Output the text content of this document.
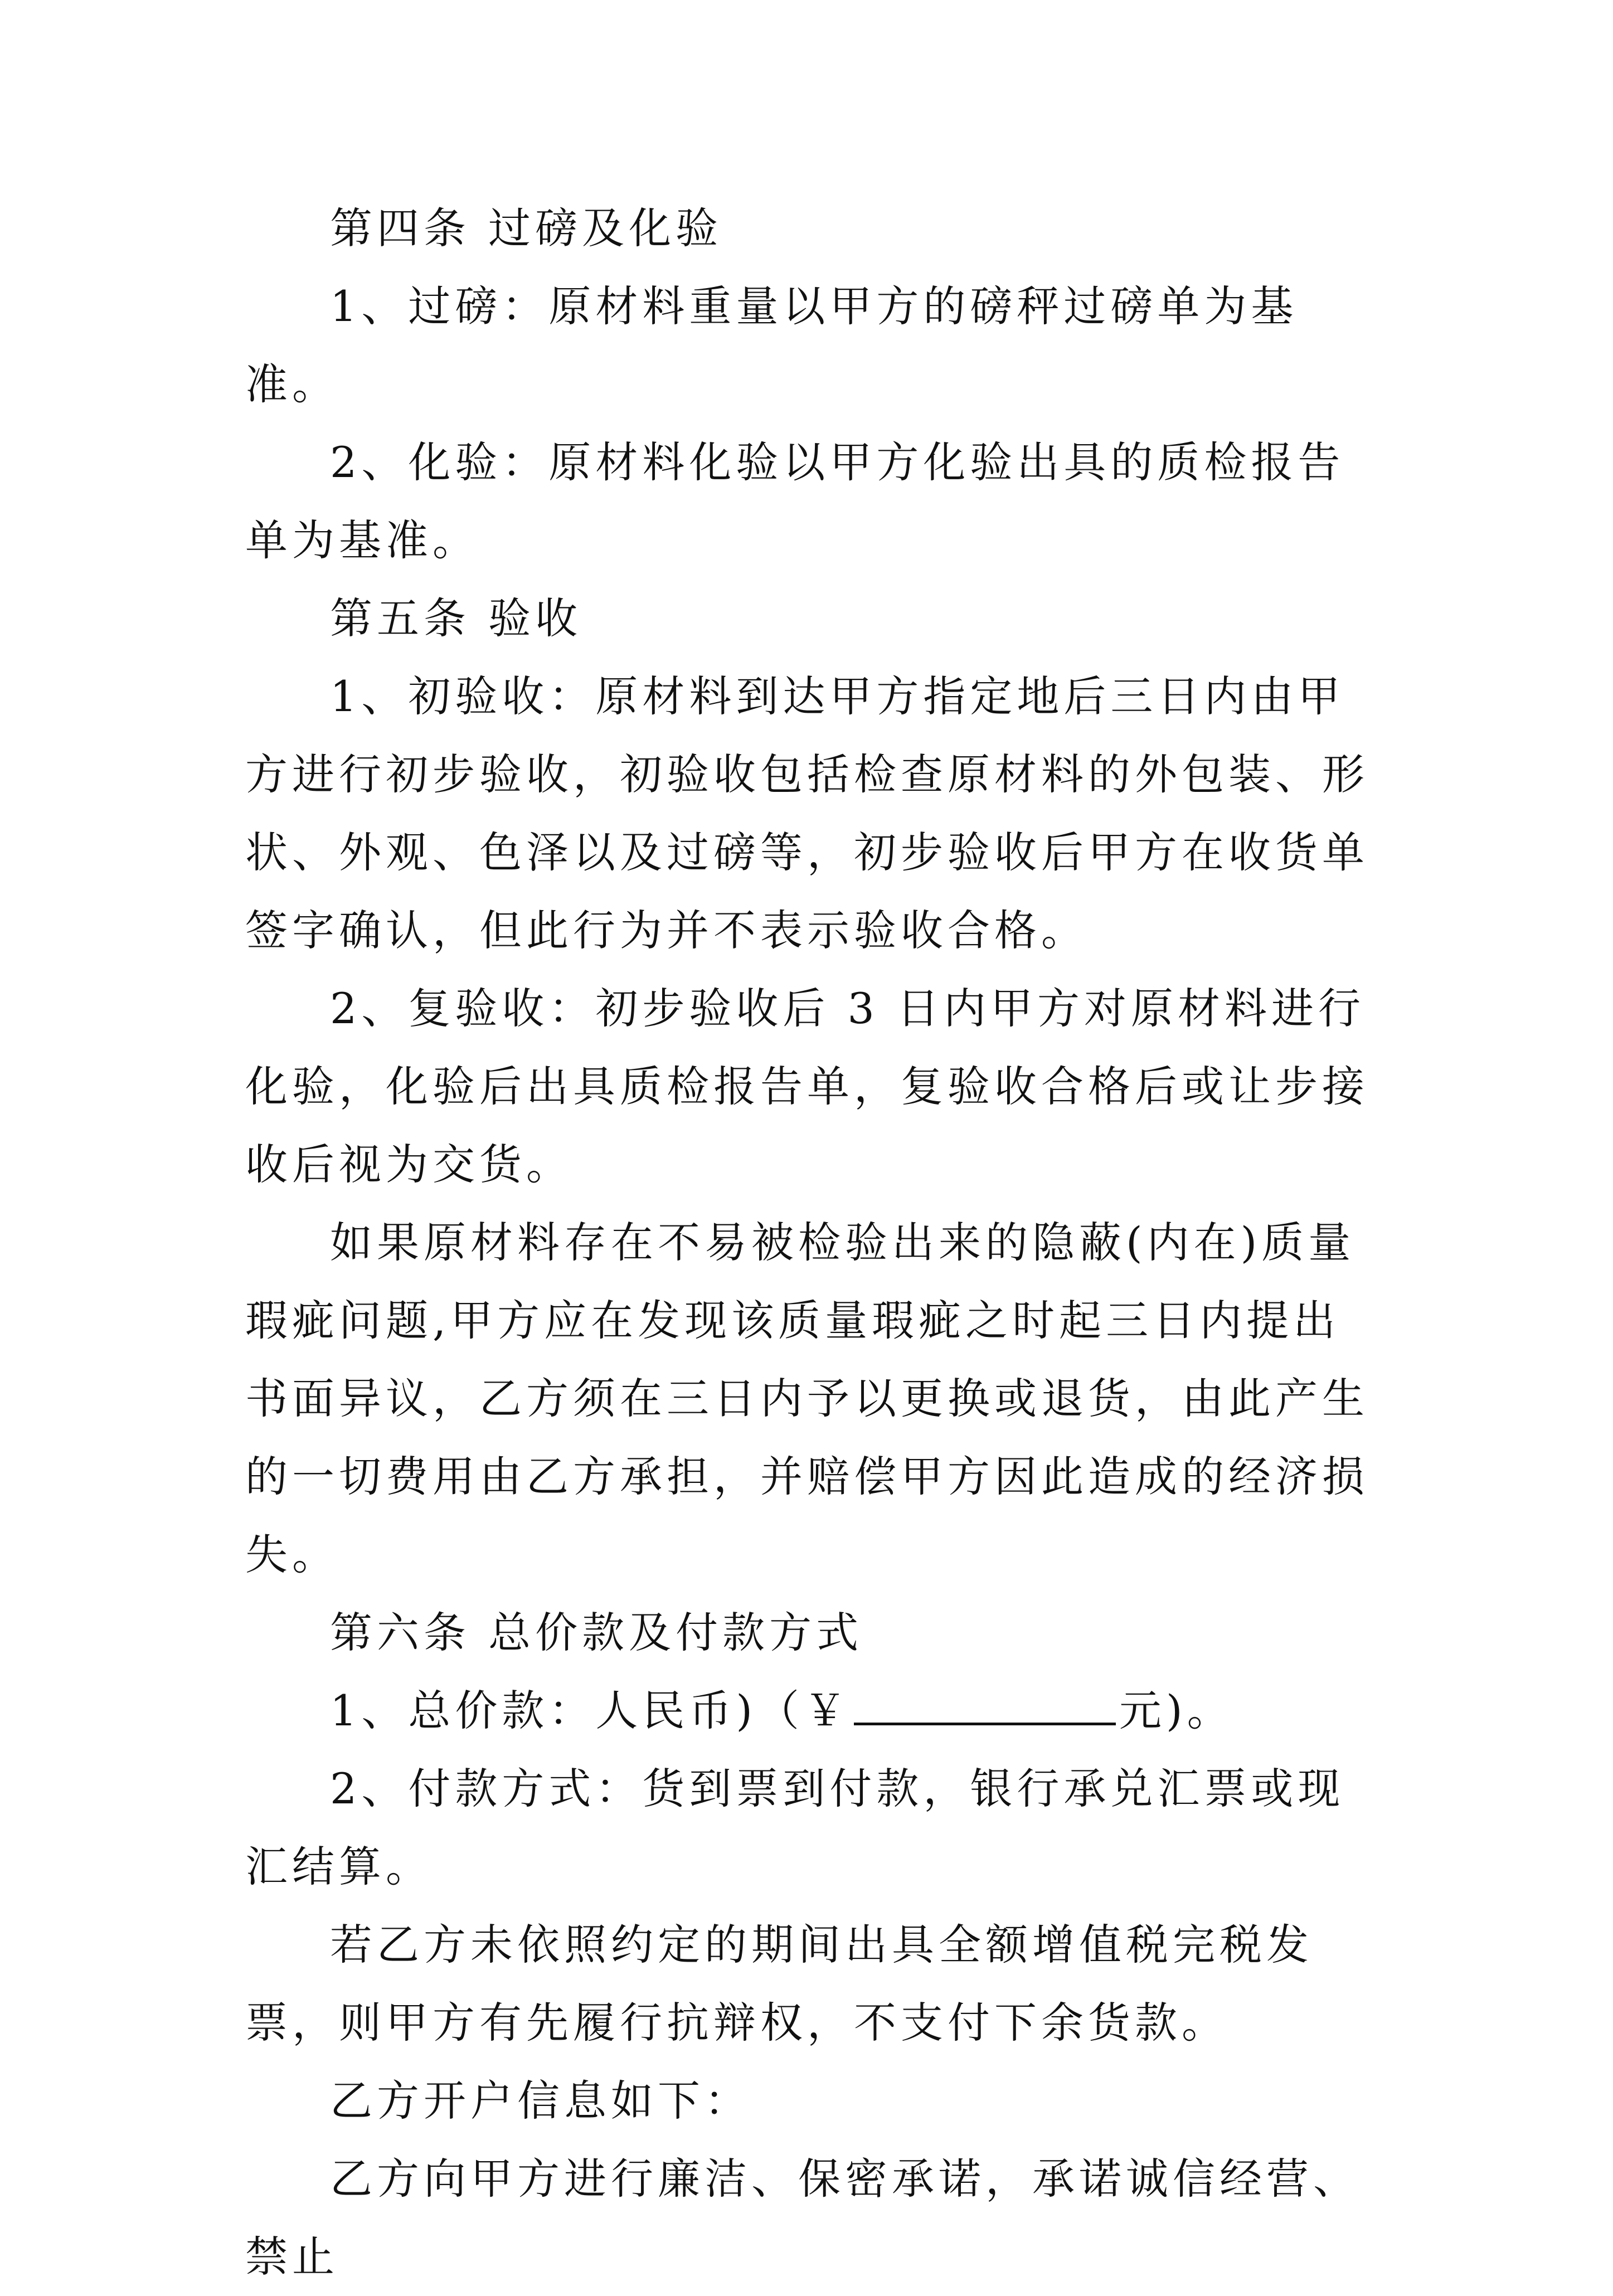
第四条 过磅及化验

1、过磅：原材料重量以甲方的磅秤过磅单为基准。

2、化验：原材料化验以甲方化验出具的质检报告单为基准。

第五条 验收

1、初验收：原材料到达甲方指定地后三日内由甲方进行初步验收，初验收包括检查原材料的外包装、形状、外观、色泽以及过磅等，初步验收后甲方在收货单签字确认，但此行为并不表示验收合格。

2、复验收：初步验收后 3 日内甲方对原材料进行化验，化验后出具质检报告单，复验收合格后或让步接收后视为交货。

如果原材料存在不易被检验出来的隐蔽(内在)质量瑕疵问题,甲方应在发现该质量瑕疵之时起三日内提出书面异议，乙方须在三日内予以更换或退货，由此产生的一切费用由乙方承担，并赔偿甲方因此造成的经济损失。

第六条 总价款及付款方式

1、总价款：人民币)（￥	元)。

2、付款方式：货到票到付款，银行承兑汇票或现汇结算。

若乙方未依照约定的期间出具全额增值税完税发票，则甲方有先履行抗辩权，不支付下余货款。

乙方开户信息如下：

乙方向甲方进行廉洁、保密承诺，承诺诚信经营、禁止
